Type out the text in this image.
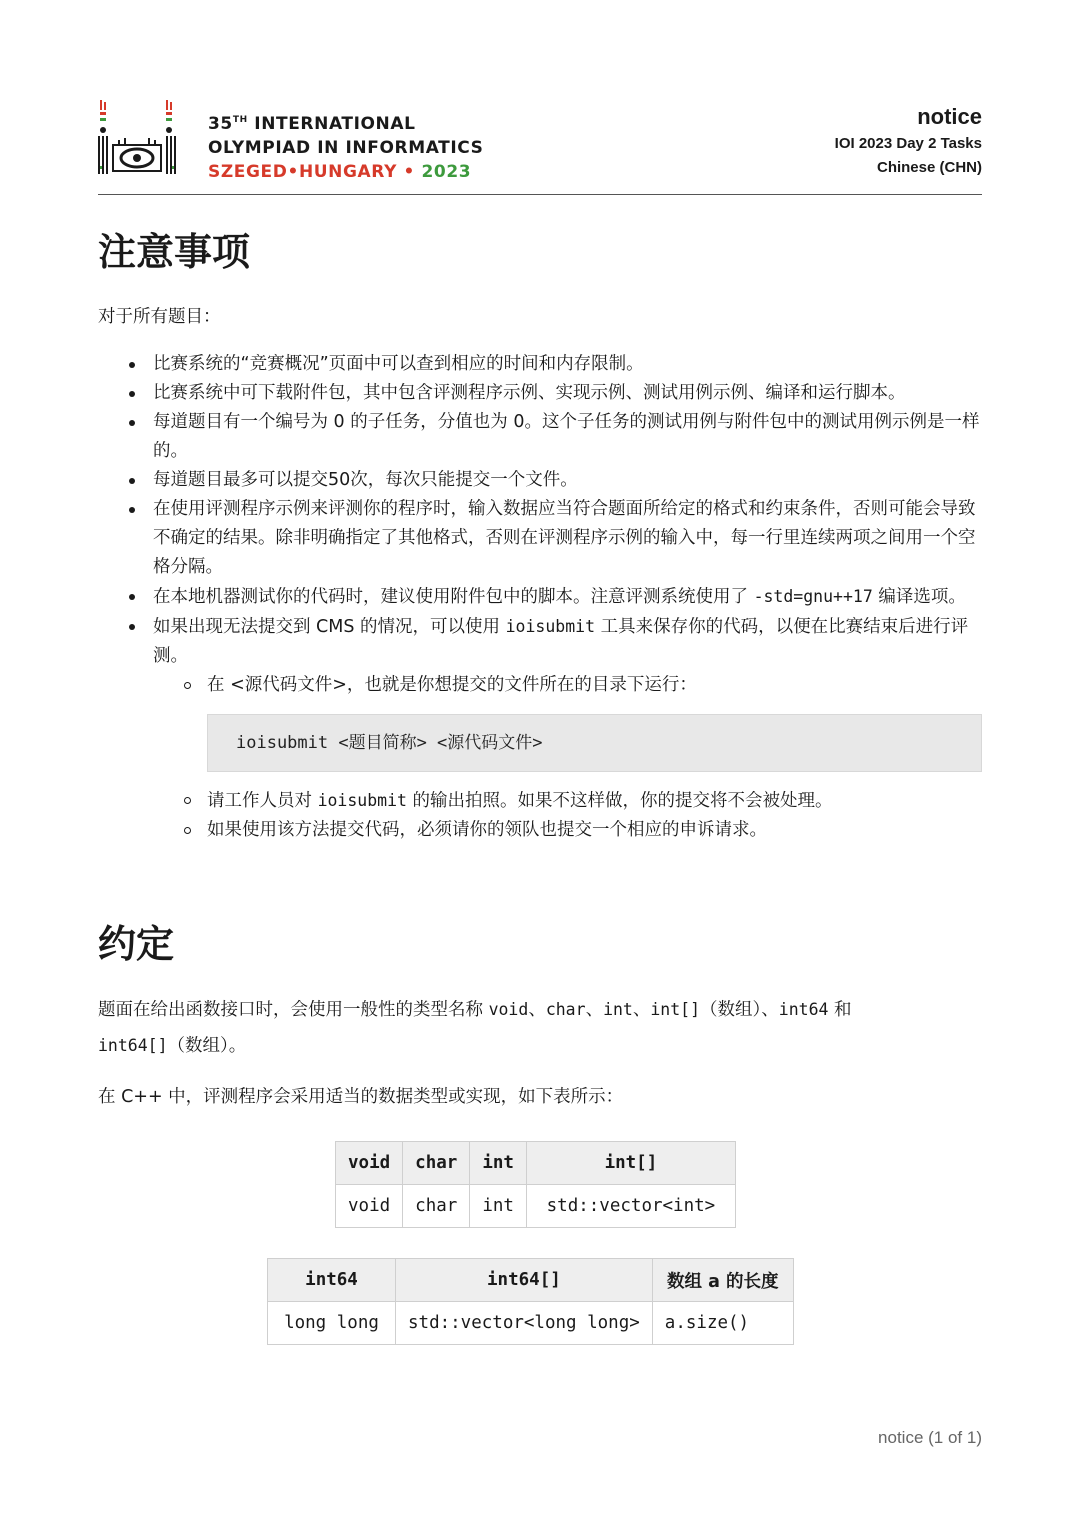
35TH INTERNATIONAL
OLYMPIAD IN INFORMATICS
SZEGED•HUNGARY • 2023
notice
IOI 2023 Day 2 Tasks
Chinese (CHN)
注意事项
对于所有题目：
比赛系统的“竞赛概况”页面中可以查到相应的时间和内存限制。
比赛系统中可下载附件包，其中包含评测程序示例、实现示例、测试用例示例、编译和运行脚本。
每道题目有一个编号为 0 的子任务，分值也为 0。这个子任务的测试用例与附件包中的测试用例示例是一样的。
每道题目最多可以提交50次，每次只能提交一个文件。
在使用评测程序示例来评测你的程序时，输入数据应当符合题面所给定的格式和约束条件，否则可能会导致不确定的结果。除非明确指定了其他格式，否则在评测程序示例的输入中，每一行里连续两项之间用一个空格分隔。
在本地机器测试你的代码时，建议使用附件包中的脚本。注意评测系统使用了 -std=gnu++17 编译选项。
如果出现无法提交到 CMS 的情况，可以使用 ioisubmit 工具来保存你的代码，以便在比赛结束后进行评测。
在 <源代码文件>，也就是你想提交的文件所在的目录下运行：
ioisubmit <题目简称> <源代码文件>
请工作人员对 ioisubmit 的输出拍照。如果不这样做，你的提交将不会被处理。
如果使用该方法提交代码，必须请你的领队也提交一个相应的申诉请求。
约定
题面在给出函数接口时，会使用一般性的类型名称 void、char、int、int[]（数组）、int64 和
int64[]（数组）。
在 C++ 中，评测程序会采用适当的数据类型或实现，如下表所示：
void	char	int	int[]
void	char	int	std::vector<int>
int64	int64[]	数组 a 的长度
long long	std::vector<long long>	a.size()
notice (1 of 1)
